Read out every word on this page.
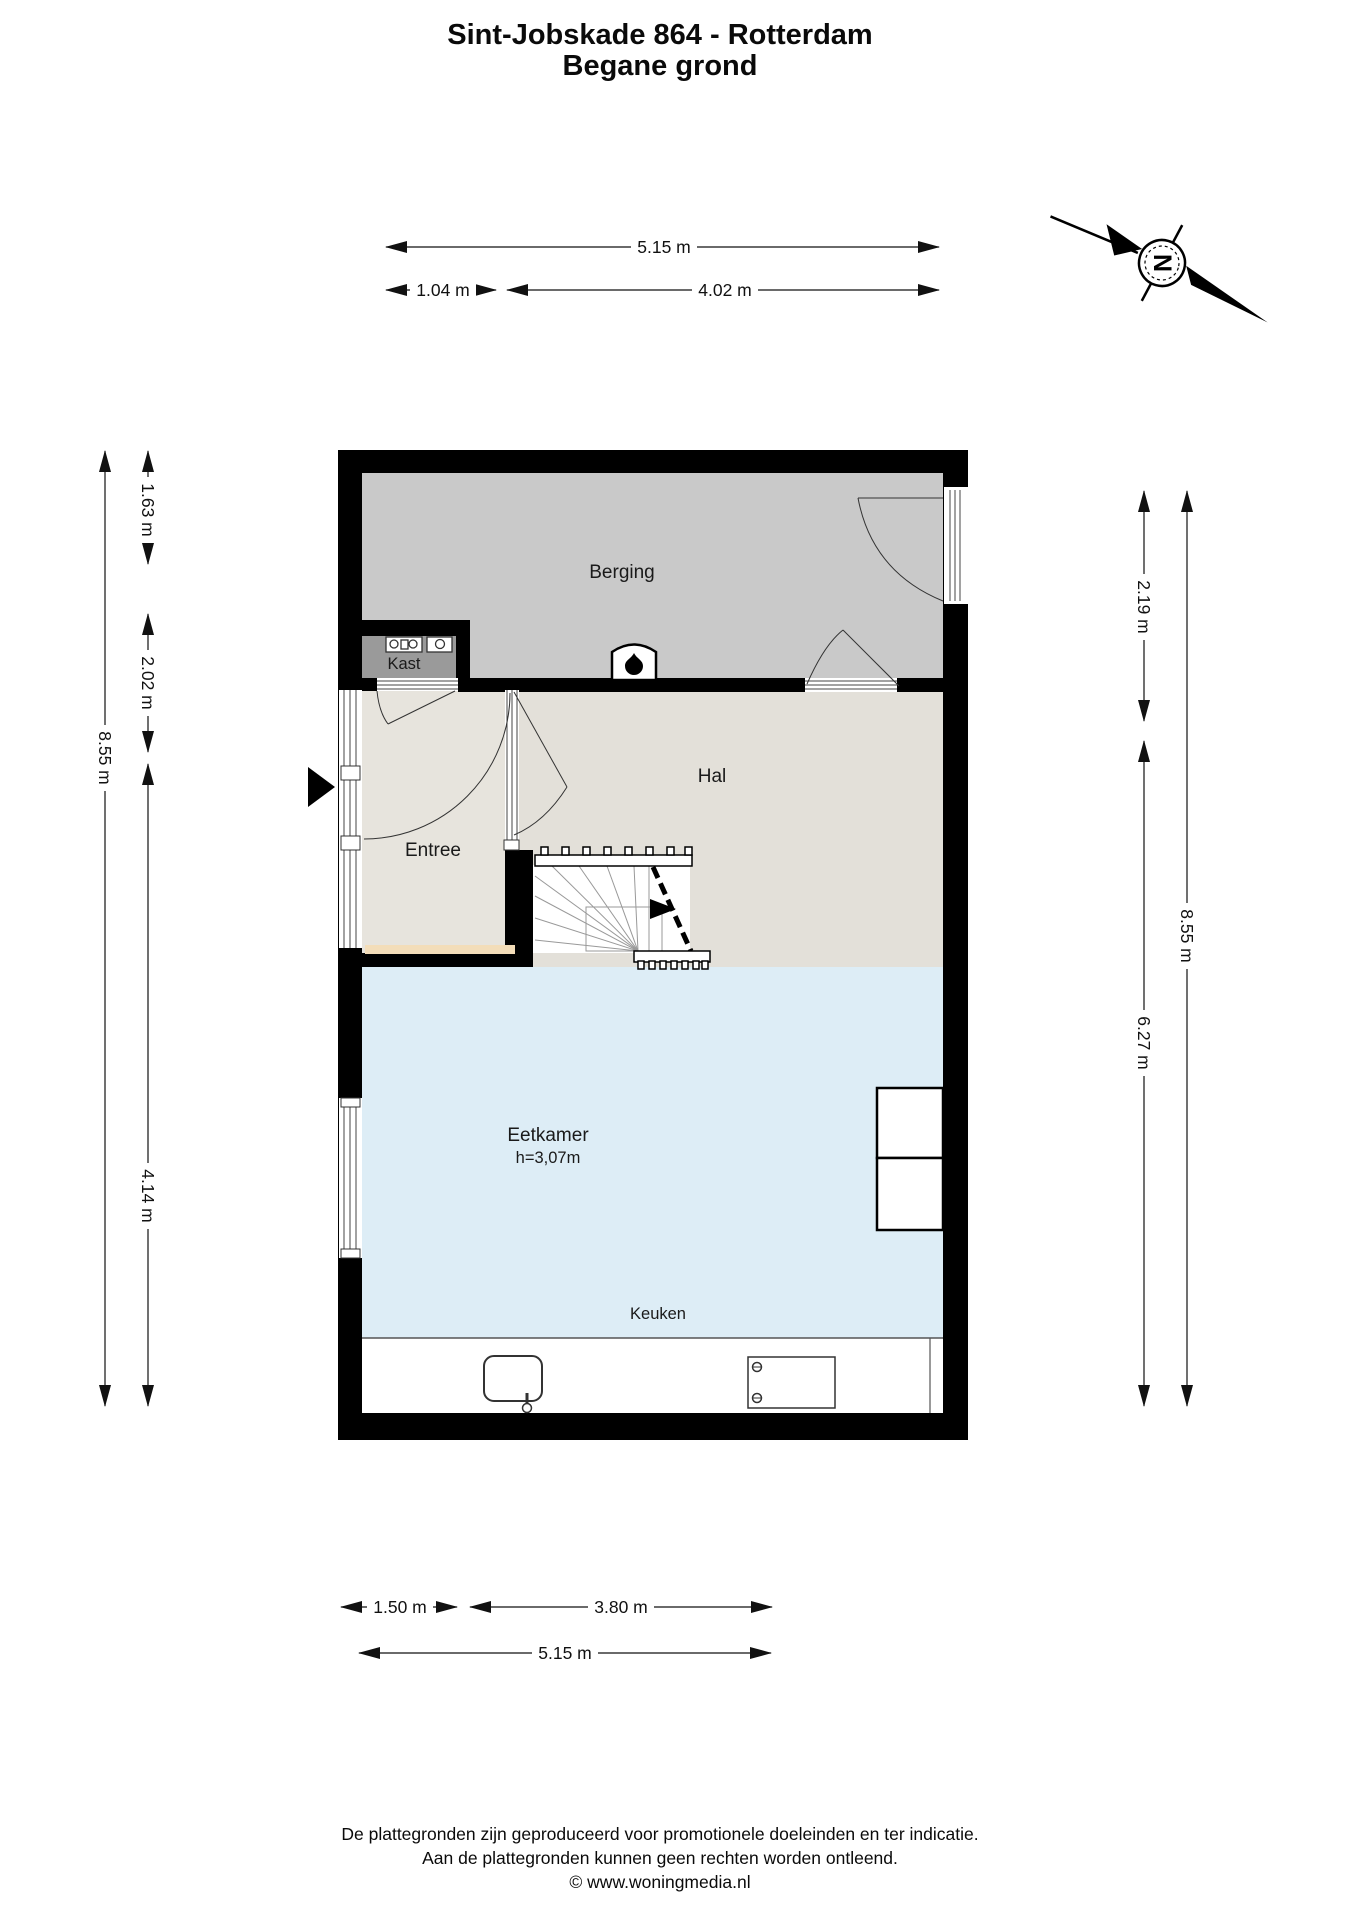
Sint-Jobskade 864 - Rotterdam
Begane grond
Berging
Kast
Entree
Hal
Eetkamer
h=3,07m
Keuken
5.15 m
1.04 m	4.02 m
1.50 m	3.80 m
5.15 m
8.55 m
1.63 m
2.02 m
4.14 m
2.19 m
6.27 m
8.55 m
N
De plattegronden zijn geproduceerd voor promotionele doeleinden en ter indicatie.
Aan de plattegronden kunnen geen rechten worden ontleend.
© www.woningmedia.nl
